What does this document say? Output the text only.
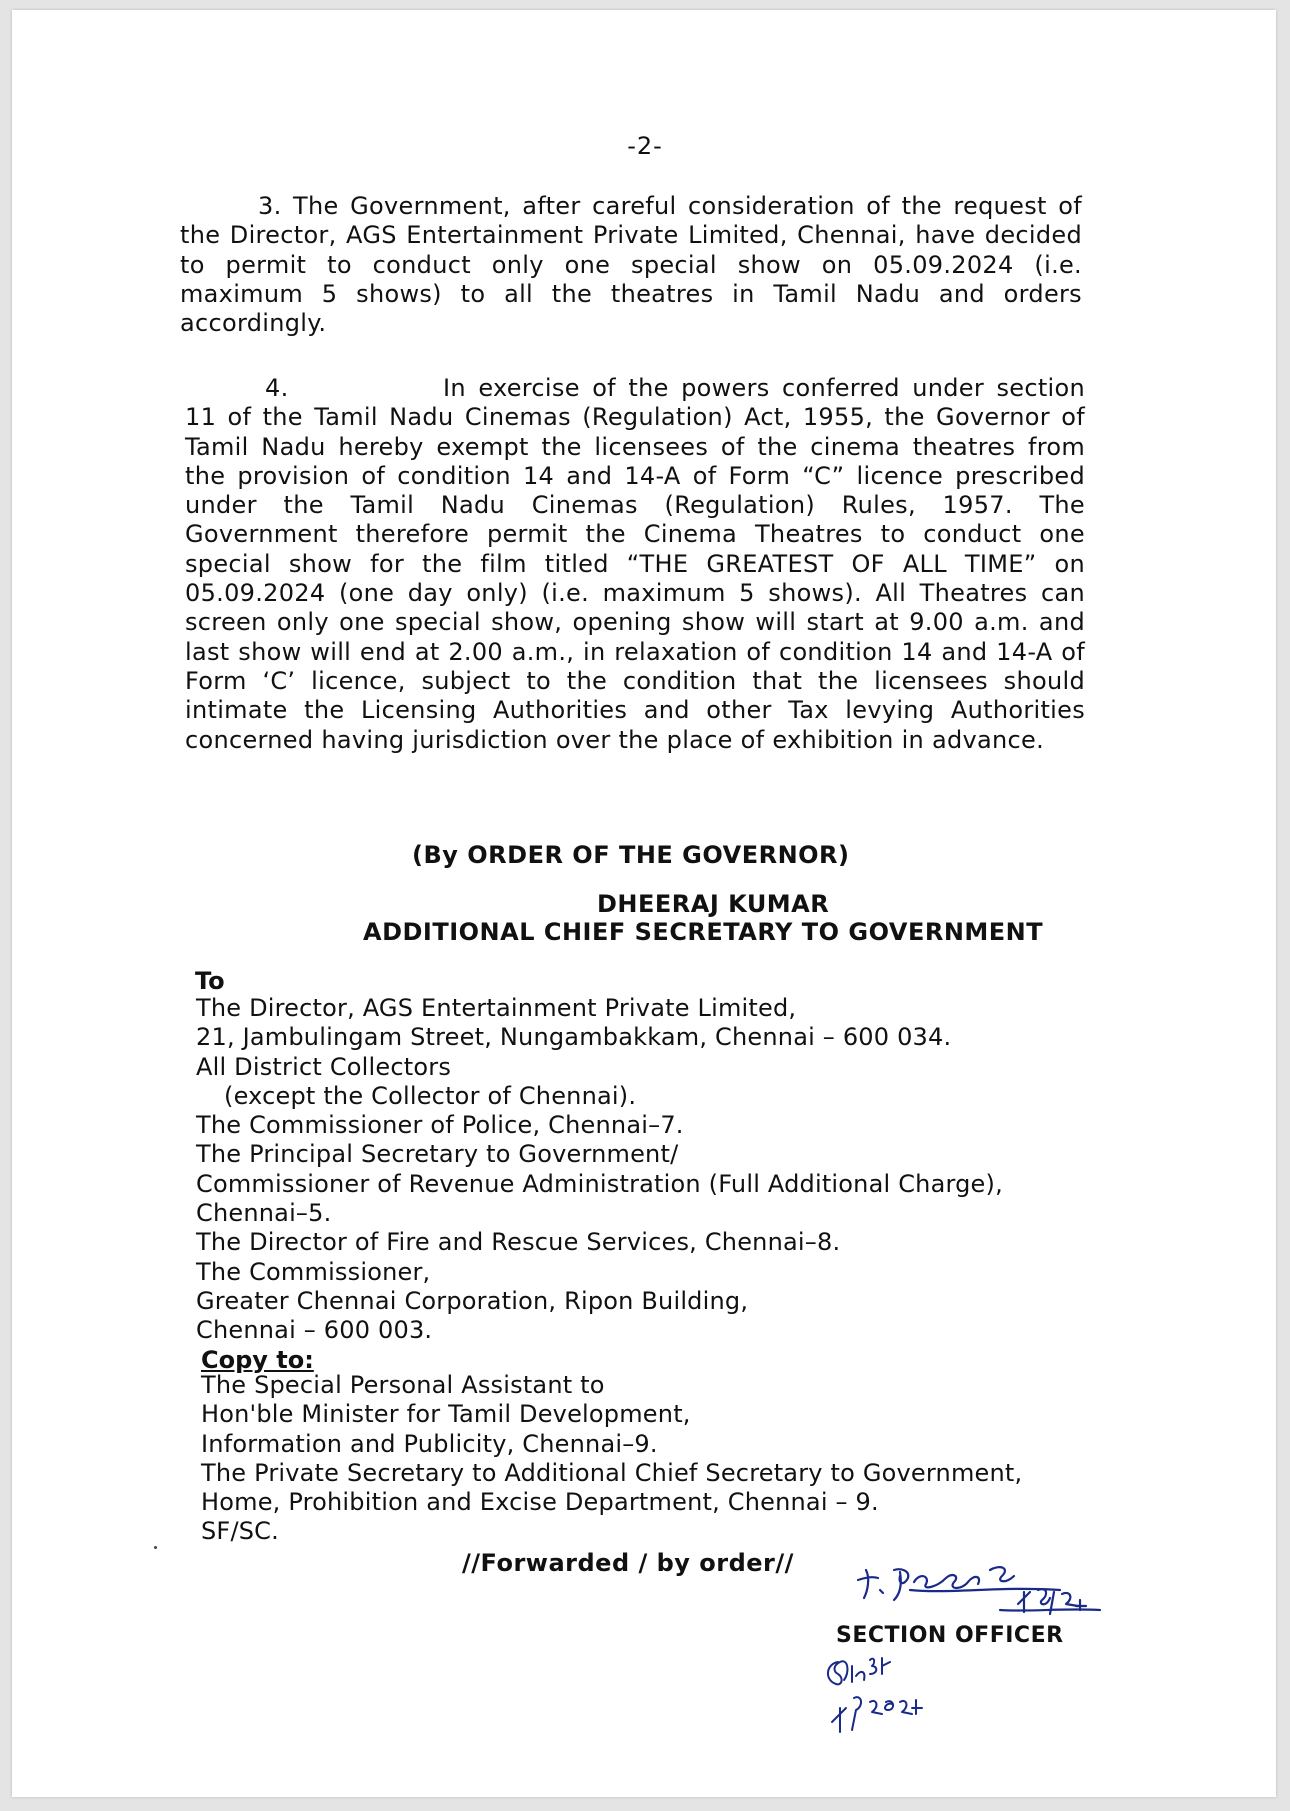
-2-

3. The Government, after careful consideration of the request of the Director, AGS Entertainment Private Limited, Chennai, have decided to permit to conduct only one special show on 05.09.2024 (i.e. maximum 5 shows) to all the theatres in Tamil Nadu and orders accordingly.

4.	In exercise of the powers conferred under section 11 of the Tamil Nadu Cinemas (Regulation) Act, 1955, the Governor of Tamil Nadu hereby exempt the licensees of the cinema theatres from the provision of condition 14 and 14-A of Form “C” licence prescribed under the Tamil Nadu Cinemas (Regulation) Rules, 1957. The Government therefore permit the Cinema Theatres to conduct one special show for the film titled “THE GREATEST OF ALL TIME” on 05.09.2024 (one day only) (i.e. maximum 5 shows). All Theatres can screen only one special show, opening show will start at 9.00 a.m. and last show will end at 2.00 a.m., in relaxation of condition 14 and 14-A of Form ‘C’ licence, subject to the condition that the licensees should intimate the Licensing Authorities and other Tax levying Authorities concerned having jurisdiction over the place of exhibition in advance.

(By ORDER OF THE GOVERNOR)

DHEERAJ KUMAR

ADDITIONAL CHIEF SECRETARY TO GOVERNMENT

To

The Director, AGS Entertainment Private Limited,
21, Jambulingam Street, Nungambakkam, Chennai – 600 034.
All District Collectors
(except the Collector of Chennai).
The Commissioner of Police, Chennai–7.
The Principal Secretary to Government/
Commissioner of Revenue Administration (Full Additional Charge),
Chennai–5.
The Director of Fire and Rescue Services, Chennai–8.
The Commissioner,
Greater Chennai Corporation, Ripon Building,
Chennai – 600 003.

Copy to:

The Special Personal Assistant to
Hon'ble Minister for Tamil Development,
Information and Publicity, Chennai–9.
The Private Secretary to Additional Chief Secretary to Government,
Home, Prohibition and Excise Department, Chennai – 9.
SF/SC.

//Forwarded / by order//

SECTION OFFICER
